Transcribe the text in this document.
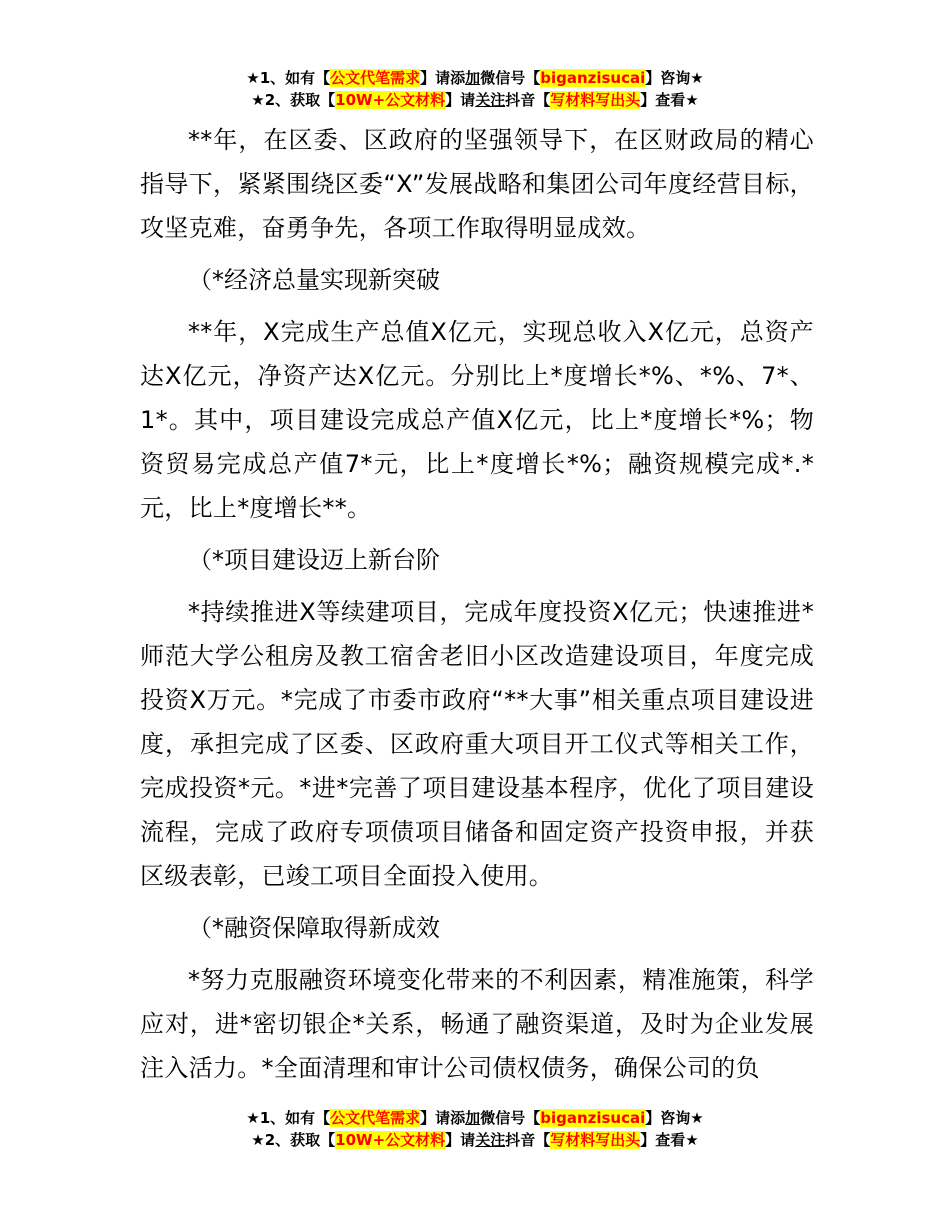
★1、如有【公文代笔需求】请添加微信号【biganzisucai】咨询★
★2、获取【10W+公文材料】请关注抖音【写材料写出头】查看★

**年，在区委、区政府的坚强领导下，在区财政局的精心指导下，紧紧围绕区委“X”发展战略和集团公司年度经营目标，攻坚克难，奋勇争先，各项工作取得明显成效。

（*经济总量实现新突破

**年，X完成生产总值X亿元，实现总收入X亿元，总资产达X亿元，净资产达X亿元。分别比上*度增长*%、*%、7*、1*。其中，项目建设完成总产值X亿元，比上*度增长*%；物资贸易完成总产值7*元，比上*度增长*%；融资规模完成*.*元，比上*度增长**。

（*项目建设迈上新台阶

*持续推进X等续建项目，完成年度投资X亿元；快速推进*师范大学公租房及教工宿舍老旧小区改造建设项目，年度完成投资X万元。*完成了市委市政府“**大事”相关重点项目建设进度，承担完成了区委、区政府重大项目开工仪式等相关工作，完成投资*元。*进*完善了项目建设基本程序，优化了项目建设流程，完成了政府专项债项目储备和固定资产投资申报，并获区级表彰，已竣工项目全面投入使用。

（*融资保障取得新成效

*努力克服融资环境变化带来的不利因素，精准施策，科学应对，进*密切银企*关系，畅通了融资渠道，及时为企业发展注入活力。*全面清理和审计公司债权债务，确保公司的负

★1、如有【公文代笔需求】请添加微信号【biganzisucai】咨询★
★2、获取【10W+公文材料】请关注抖音【写材料写出头】查看★
